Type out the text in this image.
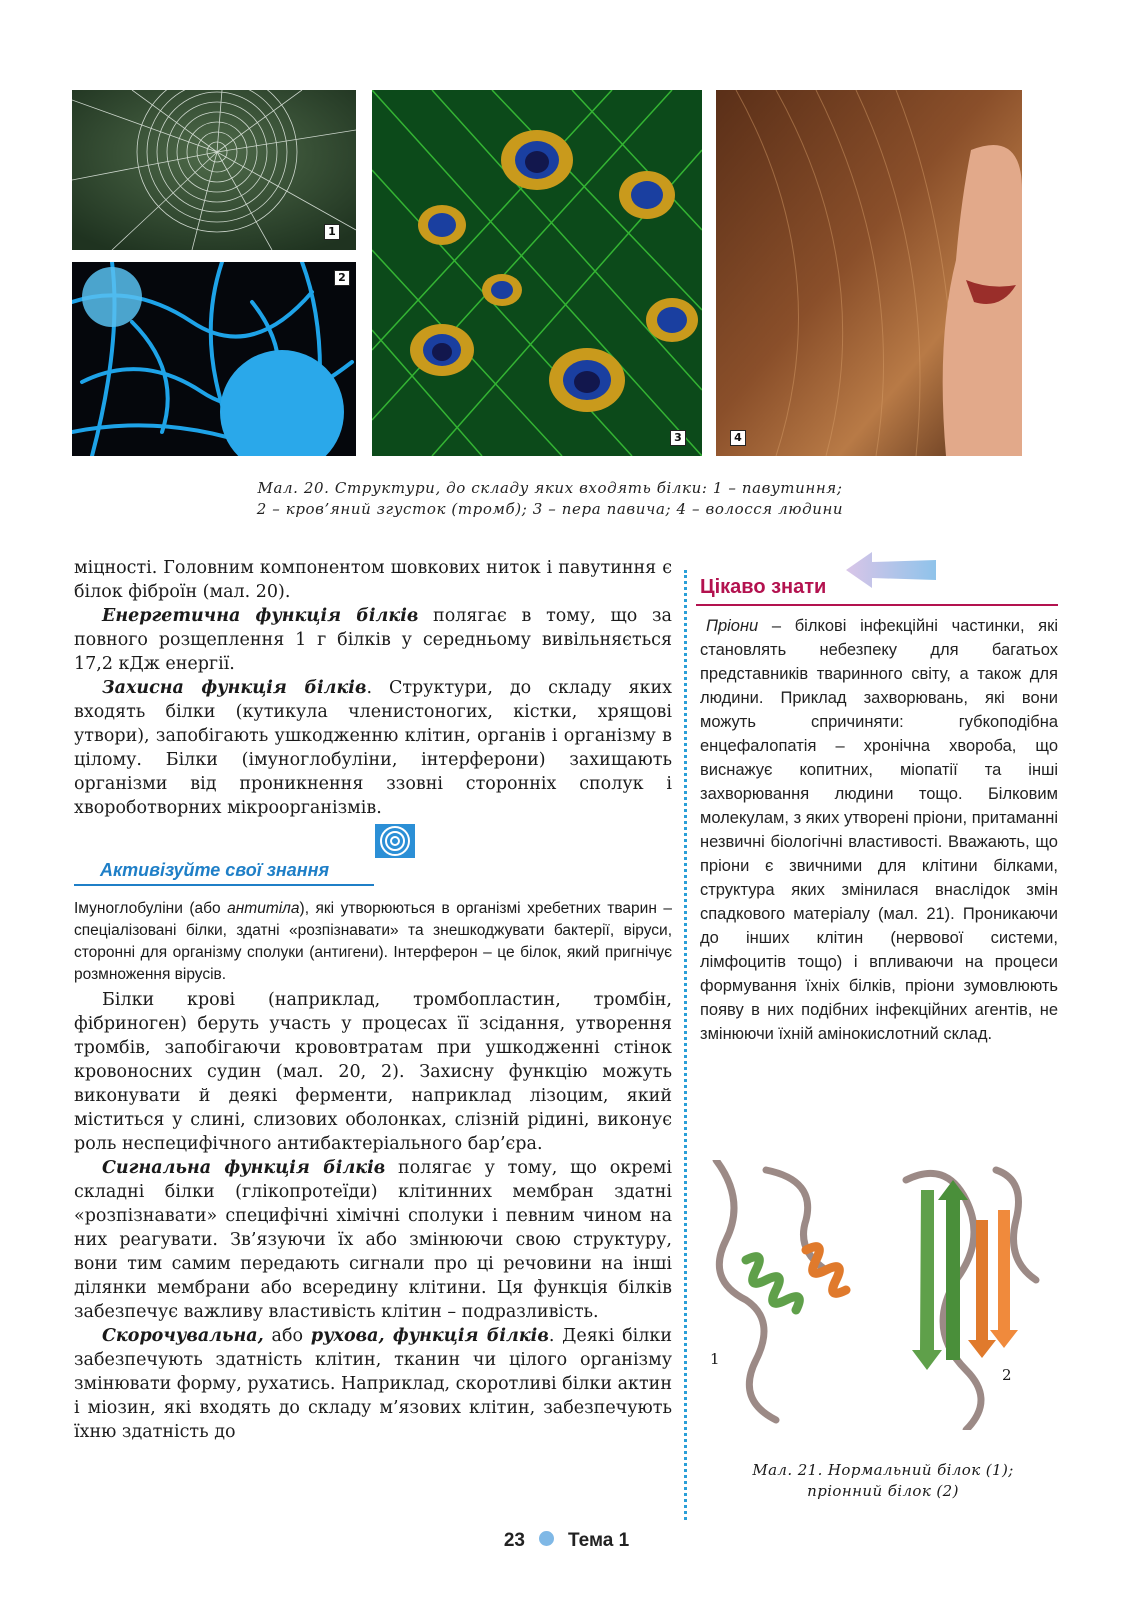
1
2
3	4
Мал. 20. Структури, до складу яких входять білки: 1 – павутиння;
2 – кров’яний згусток (тромб); 3 – пера павича; 4 – волосся людини

міцності. Головним компонентом шовкових ниток і павутиння є білок фіброїн (мал. 20).

Енергетична функція білків полягає в тому, що за повного розщеплення 1 г білків у середньому вивільняється 17,2 кДж енергії.

Захисна функція білків. Структури, до складу яких входять білки (кутикула членистоногих, кістки, хрящові утвори), запобігають ушкодженню клітин, органів і організму в цілому. Білки (імуноглобуліни, інтерферони) захищають організми від проникнення ззовні сторонніх сполук і хвороботворних мікроорганізмів.

Активізуйте свої знання
Імуноглобуліни (або антитіла), які утворюються в організмі хребетних тварин – спеціалізовані білки, здатні «розпізнавати» та знешкоджувати бактерії, віруси, сторонні для організму сполуки (антигени). Інтерферон – це білок, який пригнічує розмноження вірусів.

Білки крові (наприклад, тромбопластин, тромбін, фібриноген) беруть участь у процесах її зсідання, утворення тромбів, запобігаючи крововтратам при ушкодженні стінок кровоносних судин (мал. 20, 2). Захисну функцію можуть виконувати й деякі ферменти, наприклад лізоцим, який міститься у слині, слизових оболонках, слізній рідині, виконує роль неспецифічного антибактеріального бар’єра.

Сигнальна функція білків полягає у тому, що окремі складні білки (глікопротеїди) клітинних мембран здатні «розпізнавати» специфічні хімічні сполуки і певним чином на них реагувати. Зв’язуючи їх або змінюючи свою структуру, вони тим самим передають сигнали про ці речовини на інші ділянки мембрани або всередину клітини. Ця функція білків забезпечує важливу властивість клітин – подразливість.

Скорочувальна, або рухова, функція білків. Деякі білки забезпечують здатність клітин, тканин чи цілого організму змінювати форму, рухатись. Наприклад, скоротливі білки актин і міозин, які входять до складу м’язових клітин, забезпечують їхню здатність до

Цікаво знати
Пріони – білкові інфекційні частинки, які становлять небезпеку для багатьох представників тваринного світу, а також для людини. Приклад захворювань, які вони можуть спричиняти: губкоподібна енцефалопатія – хронічна хвороба, що виснажує копитних, міопатії та інші захворювання людини тощо. Білковим молекулам, з яких утворені пріони, притаманні незвичні біологічні властивості. Вважають, що пріони є звичними для клітини білками, структура яких змінилася внаслідок змін спадкового матеріалу (мал. 21). Проникаючи до інших клітин (нервової системи, лімфоцитів тощо) і впливаючи на процеси формування їхніх білків, пріони зумовлюють появу в них подібних інфекційних агентів, не змінюючи їхній амінокислотний склад.
1
2
Мал. 21. Нормальний білок (1);
пріонний білок (2)
23 Тема 1
